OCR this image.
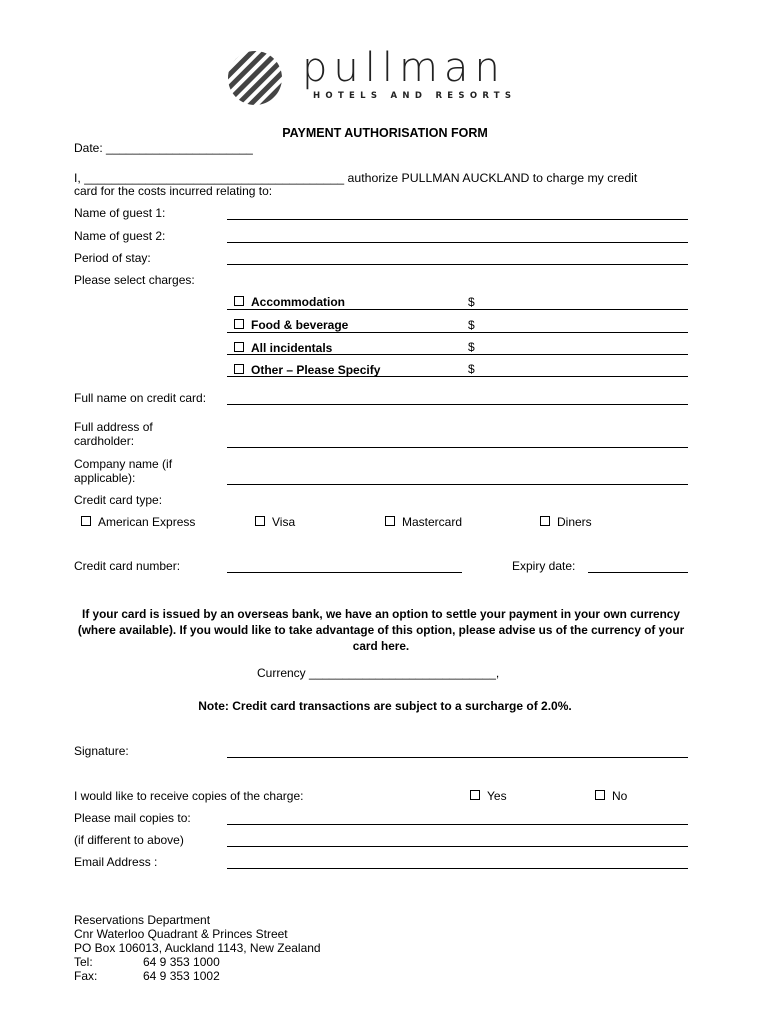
pullman
HOTELS AND RESORTS
PAYMENT AUTHORISATION FORM
Date: ______________________
I, ______________________________________ authorize PULLMAN AUCKLAND to charge my credit
card for the costs incurred relating to:
Name of guest 1:
Name of guest 2:
Period of stay:
Please select charges:
Accommodation	$
Food & beverage	$
All incidentals	$
Other – Please Specify	$
Full name on credit card:
Full address of cardholder:
Company name (if applicable):
Credit card type:
American Express	Visa	Mastercard	Diners
Credit card number:	Expiry date:
If your card is issued by an overseas bank, we have an option to settle your payment in your own currency (where available). If you would like to take advantage of this option, please advise us of the currency of your card here.
Currency ____________________________,
Note: Credit card transactions are subject to a surcharge of 2.0%.
Signature:
I would like to receive copies of the charge:	Yes	No
Please mail copies to:
(if different to above)
Email Address :
Reservations Department
Cnr Waterloo Quadrant & Princes Street
PO Box 106013, Auckland 1143, New Zealand
Tel:	64 9 353 1000
Fax:	64 9 353 1002
